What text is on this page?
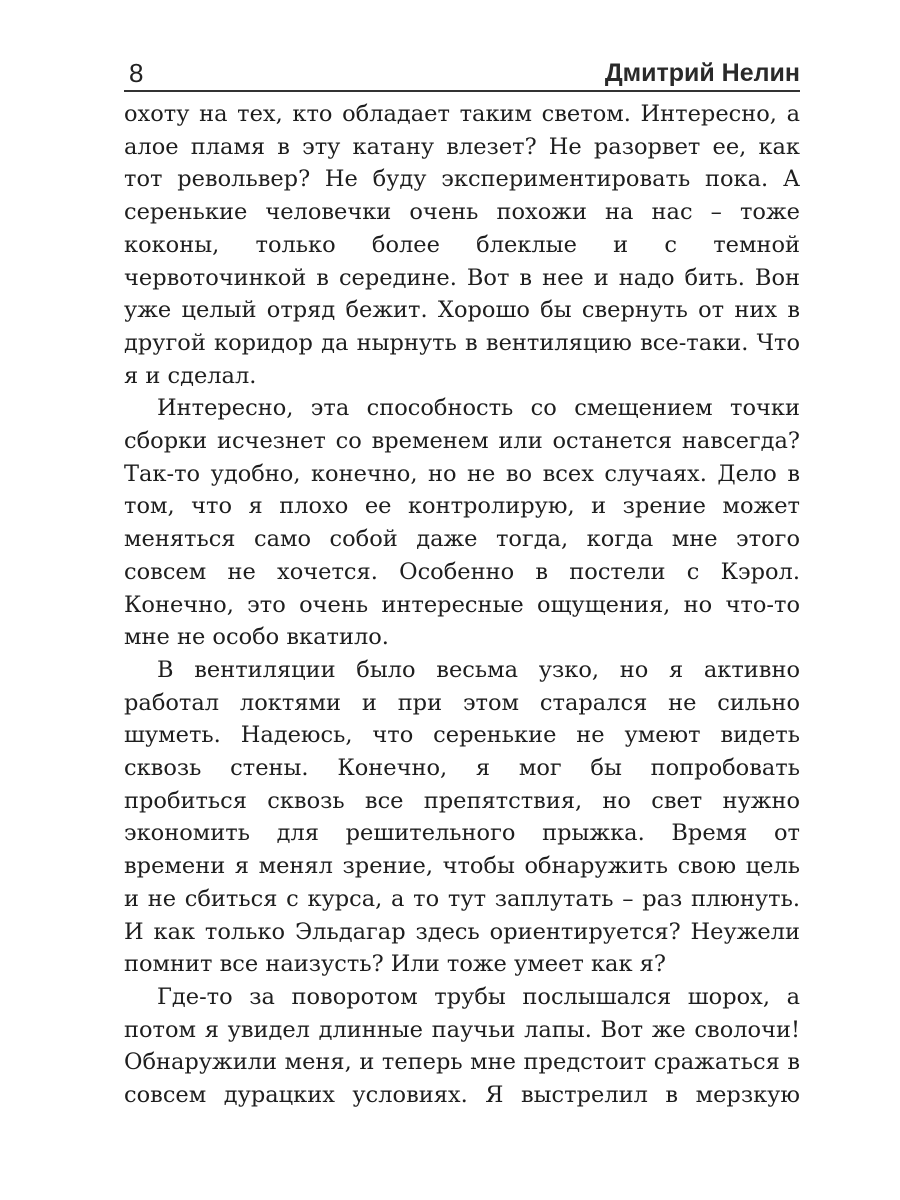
8	Дмитрий Нелин

охоту на тех, кто обладает таким светом. Интересно, а алое пламя в эту катану влезет? Не разорвет ее, как тот револьвер? Не буду экспериментировать пока. А серенькие человечки очень похожи на нас – тоже коконы, только более блеклые и с темной червоточинкой в середине. Вот в нее и надо бить. Вон уже целый отряд бежит. Хорошо бы свернуть от них в другой коридор да нырнуть в вентиляцию все-таки. Что я и сделал.

Интересно, эта способность со смещением точки сборки исчезнет со временем или останется навсегда? Так-то удобно, конечно, но не во всех случаях. Дело в том, что я плохо ее контролирую, и зрение может меняться само собой даже тогда, когда мне этого совсем не хочется. Особенно в постели с Кэрол. Конечно, это очень интересные ощущения, но что-то мне не особо вкатило.

В вентиляции было весьма узко, но я активно работал локтями и при этом старался не сильно шуметь. Надеюсь, что серенькие не умеют видеть сквозь стены. Конечно, я мог бы попробовать пробиться сквозь все препятствия, но свет нужно экономить для решительного прыжка. Время от времени я менял зрение, чтобы обнаружить свою цель и не сбиться с курса, а то тут заплутать – раз плюнуть. И как только Эльдагар здесь ориентируется? Неужели помнит все наизусть? Или тоже умеет как я?

Где-то за поворотом трубы послышался шорох, а потом я увидел длинные паучьи лапы. Вот же сволочи! Обнаружили меня, и теперь мне предстоит сражаться в совсем дурацких условиях. Я выстрелил в мерзкую
